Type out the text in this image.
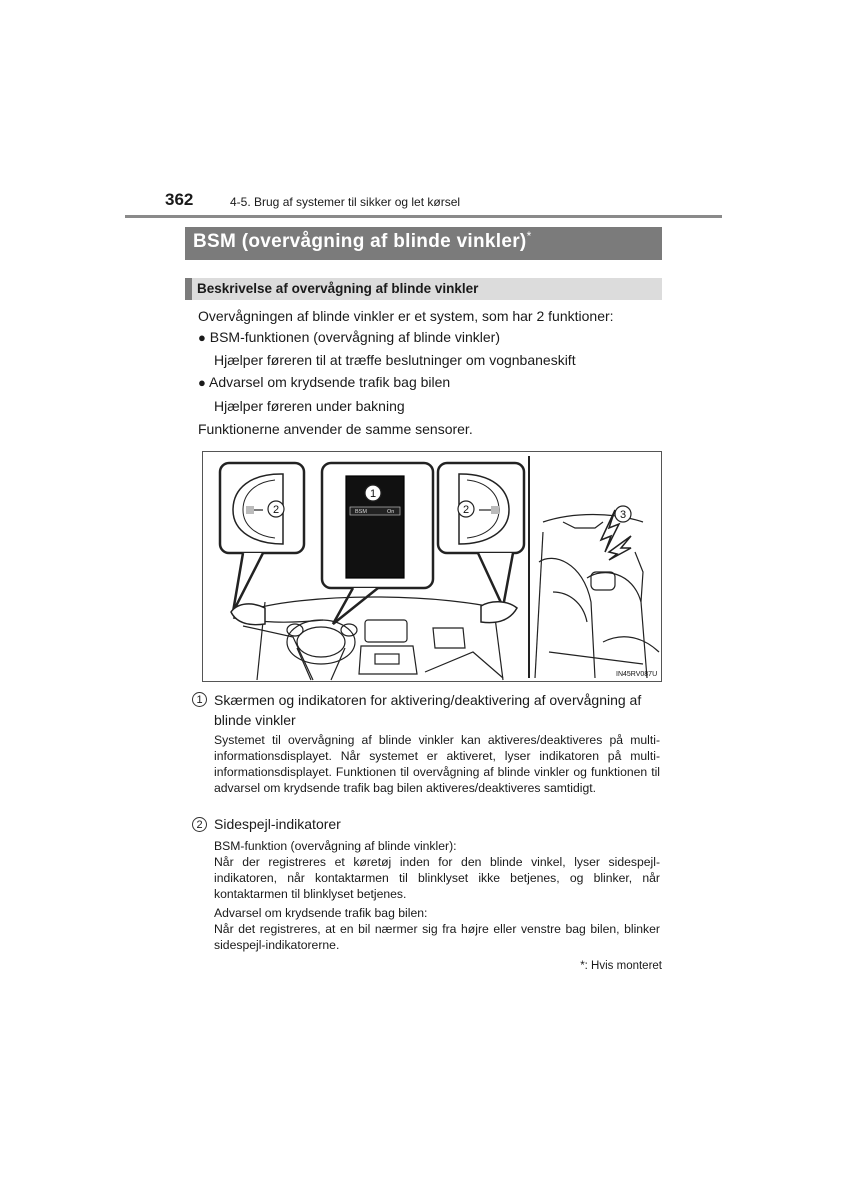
362	4-5. Brug af systemer til sikker og let kørsel
BSM (overvågning af blinde vinkler)*
Beskrivelse af overvågning af blinde vinkler
Overvågningen af blinde vinkler er et system, som har 2 funktioner:
● BSM-funktionen (overvågning af blinde vinkler)
Hjælper føreren til at træffe beslutninger om vognbaneskift
● Advarsel om krydsende trafik bag bilen
Hjælper føreren under bakning
Funktionerne anvender de samme sensorer.
2
1
2	3
BSM	On
IN45RV087U
1 Skærmen og indikatoren for aktivering/deaktivering af overvågning af blinde vinkler
Systemet til overvågning af blinde vinkler kan aktiveres/deaktiveres på multi-informationsdisplayet. Når systemet er aktiveret, lyser indikatoren på multi-informationsdisplayet. Funktionen til overvågning af blinde vinkler og funktionen til advarsel om krydsende trafik bag bilen aktiveres/deaktiveres samtidigt.
2 Sidespejl-indikatorer
BSM-funktion (overvågning af blinde vinkler):
Når der registreres et køretøj inden for den blinde vinkel, lyser sidespejl-indikatoren, når kontaktarmen til blinklyset ikke betjenes, og blinker, når kontaktarmen til blinklyset betjenes.
Advarsel om krydsende trafik bag bilen:
Når det registreres, at en bil nærmer sig fra højre eller venstre bag bilen, blinker sidespejl-indikatorerne.
*: Hvis monteret
